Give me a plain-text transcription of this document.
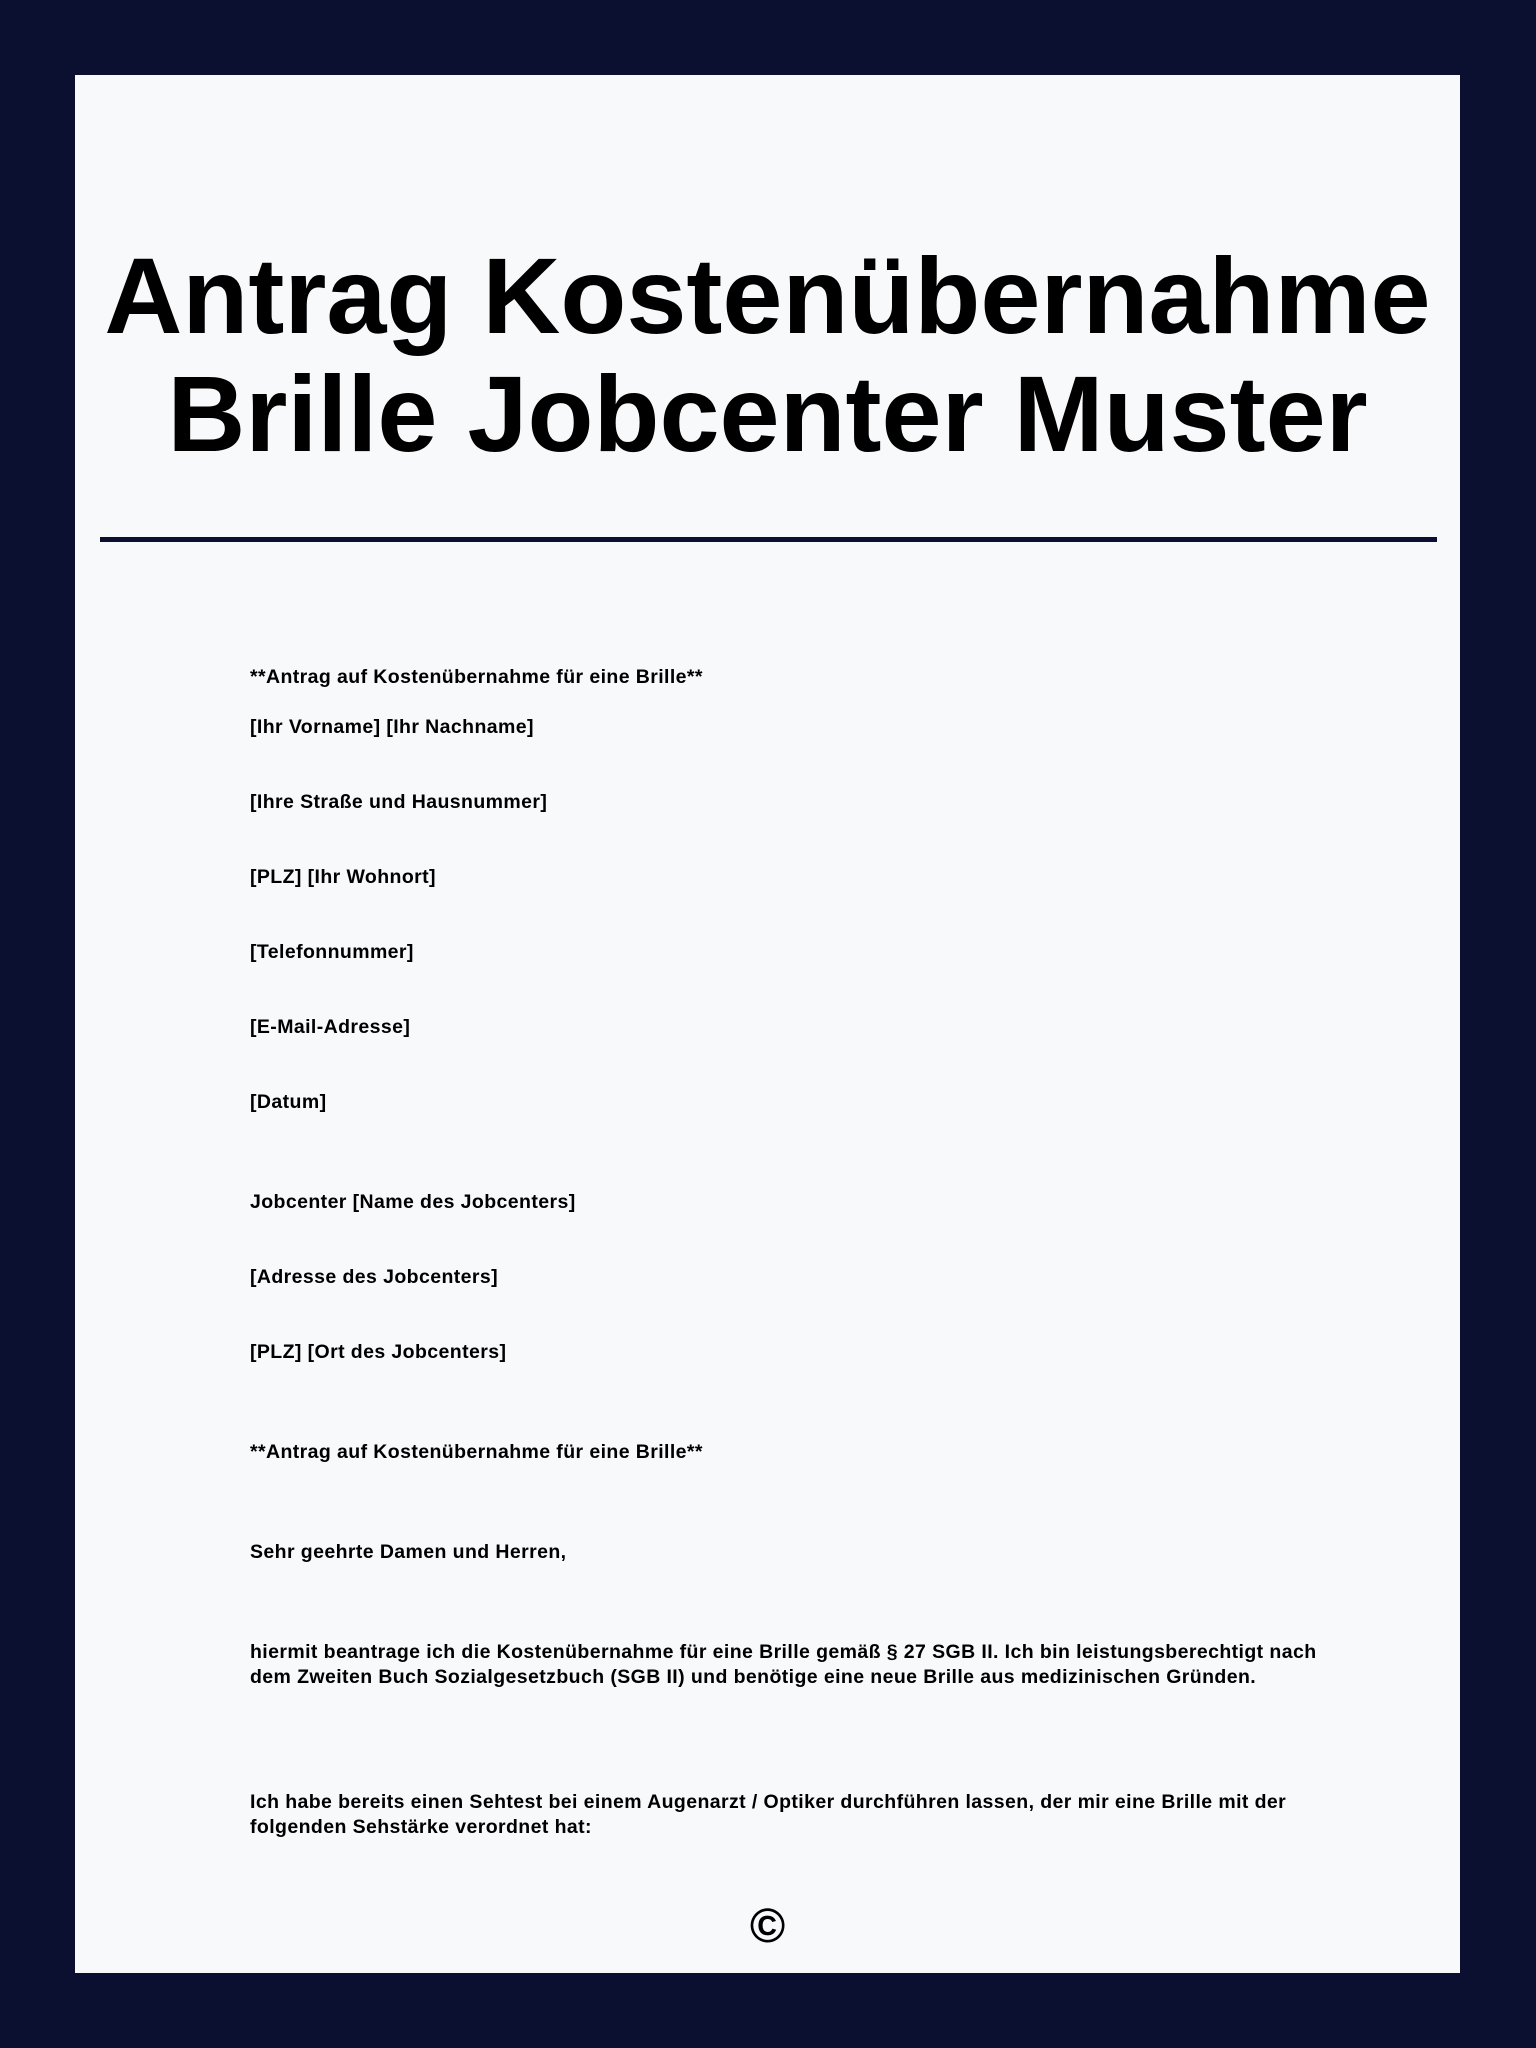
Antrag Kostenübernahme Brille Jobcenter Muster
**Antrag auf Kostenübernahme für eine Brille**
[Ihr Vorname] [Ihr Nachname]
[Ihre Straße und Hausnummer]
[PLZ] [Ihr Wohnort]
[Telefonnummer]
[E-Mail-Adresse]
[Datum]
Jobcenter [Name des Jobcenters]
[Adresse des Jobcenters]
[PLZ] [Ort des Jobcenters]
**Antrag auf Kostenübernahme für eine Brille**
Sehr geehrte Damen und Herren,
hiermit beantrage ich die Kostenübernahme für eine Brille gemäß § 27 SGB II. Ich bin leistungsberechtigt nach dem Zweiten Buch Sozialgesetzbuch (SGB II) und benötige eine neue Brille aus medizinischen Gründen.
Ich habe bereits einen Sehtest bei einem Augenarzt / Optiker durchführen lassen, der mir eine Brille mit der folgenden Sehstärke verordnet hat:
©
